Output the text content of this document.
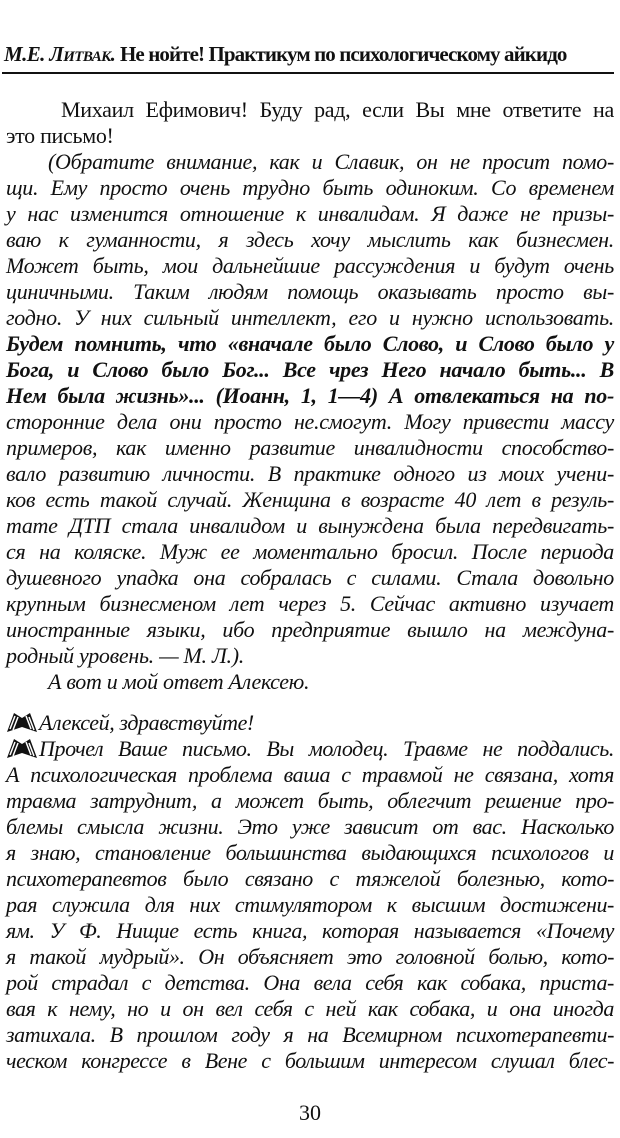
М.Е. Литвак. Не нойте! Практикум по психологическому айкидо
Михаил Ефимович! Буду рад, если Вы мне ответите на
это письмо!
(Обратите внимание, как и Славик, он не просит помо-
щи. Ему просто очень трудно быть одиноким. Со временем
у нас изменится отношение к инвалидам. Я даже не призы-
ваю к гуманности, я здесь хочу мыслить как бизнесмен.
Может быть, мои дальнейшие рассуждения и будут очень
циничными. Таким людям помощь оказывать просто вы-
годно. У них сильный интеллект, его и нужно использовать.
Будем помнить, что «вначале было Слово, и Слово было у
Бога, и Слово было Бог... Все чрез Него начало быть... В
Нем была жизнь»... (Иоанн, 1, 1—4) А отвлекаться на по-
сторонние дела они просто не.смогут. Могу привести массу
примеров, как именно развитие инвалидности способство-
вало развитию личности. В практике одного из моих учени-
ков есть такой случай. Женщина в возрасте 40 лет в резуль-
тате ДТП стала инвалидом и вынуждена была передвигать-
ся на коляске. Муж ее моментально бросил. После периода
душевного упадка она собралась с силами. Стала довольно
крупным бизнесменом лет через 5. Сейчас активно изучает
иностранные языки, ибо предприятие вышло на междуна-
родный уровень. — М. Л.).
А вот и мой ответ Алексею.
Алексей, здравствуйте!
Прочел Ваше письмо. Вы молодец. Травме не поддались.
А психологическая проблема ваша с травмой не связана, хотя
травма затруднит, а может быть, облегчит решение про-
блемы смысла жизни. Это уже зависит от вас. Насколько
я знаю, становление большинства выдающихся психологов и
психотерапевтов было связано с тяжелой болезнью, кото-
рая служила для них стимулятором к высшим достижени-
ям. У Ф. Нищие есть книга, которая называется «Почему
я такой мудрый». Он объясняет это головной болью, кото-
рой страдал с детства. Она вела себя как собака, приста-
вая к нему, но и он вел себя с ней как собака, и она иногда
затихала. В прошлом году я на Всемирном психотерапевти-
ческом конгрессе в Вене с большим интересом слушал блес-
30
